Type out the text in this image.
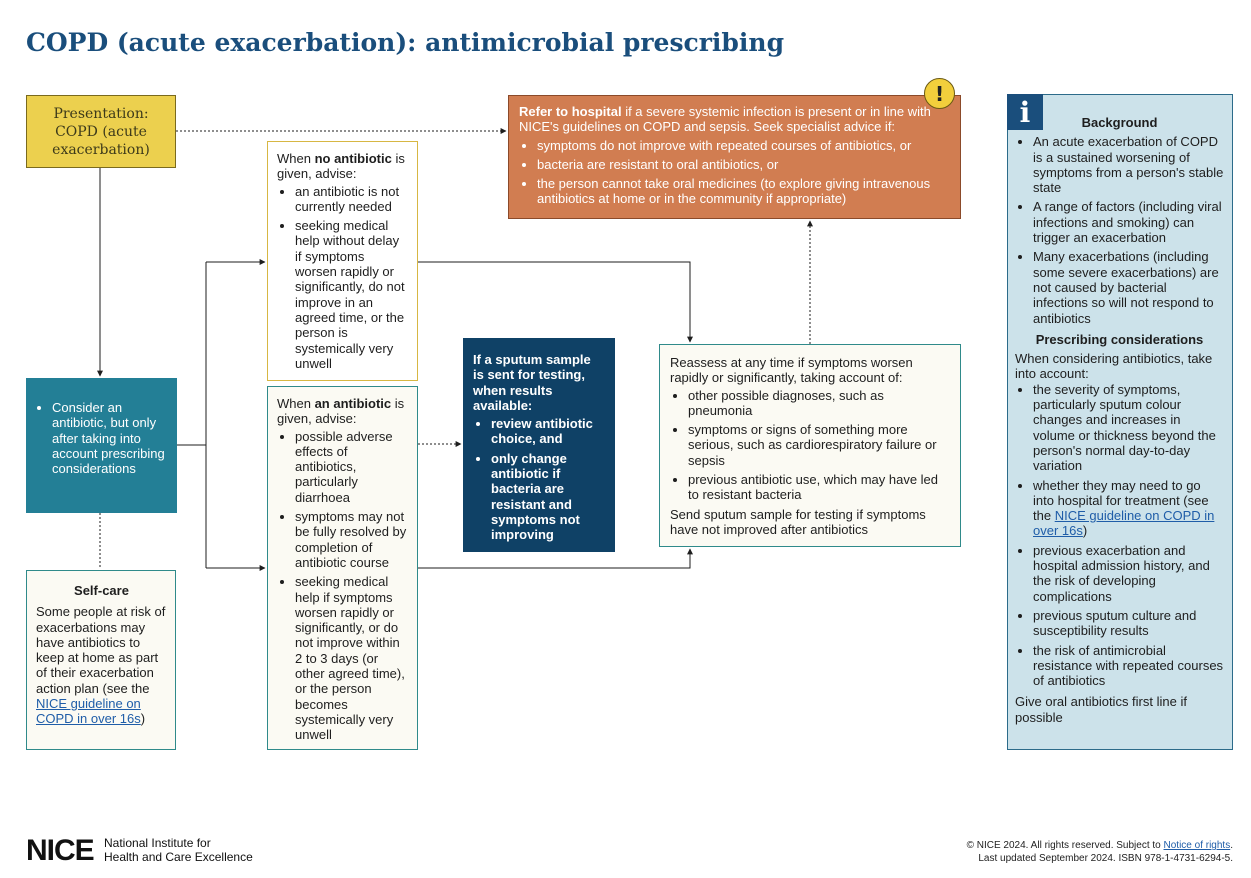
COPD (acute exacerbation): antimicrobial prescribing
Presentation: COPD (acute exacerbation)
• Consider an antibiotic, but only after taking into account prescribing considerations
Self-care
Some people at risk of exacerbations may have antibiotics to keep at home as part of their exacerbation action plan (see the NICE guideline on COPD in over 16s)
When no antibiotic is given, advise:
• an antibiotic is not currently needed
• seeking medical help without delay if symptoms worsen rapidly or significantly, do not improve in an agreed time, or the person is systemically very unwell
When an antibiotic is given, advise:
• possible adverse effects of antibiotics, particularly diarrhoea
• symptoms may not be fully resolved by completion of antibiotic course
• seeking medical help if symptoms worsen rapidly or significantly, or do not improve within 2 to 3 days (or other agreed time), or the person becomes systemically very unwell
If a sputum sample is sent for testing, when results available:
• review antibiotic choice, and
• only change antibiotic if bacteria are resistant and symptoms not improving
Reassess at any time if symptoms worsen rapidly or significantly, taking account of:
• other possible diagnoses, such as pneumonia
• symptoms or signs of something more serious, such as cardiorespiratory failure or sepsis
• previous antibiotic use, which may have led to resistant bacteria
Send sputum sample for testing if symptoms have not improved after antibiotics
Refer to hospital if a severe systemic infection is present or in line with NICE's guidelines on COPD and sepsis. Seek specialist advice if:
• symptoms do not improve with repeated courses of antibiotics, or
• bacteria are resistant to oral antibiotics, or
• the person cannot take oral medicines (to explore giving intravenous antibiotics at home or in the community if appropriate)
!
Background
• An acute exacerbation of COPD is a sustained worsening of symptoms from a person's stable state
• A range of factors (including viral infections and smoking) can trigger an exacerbation
• Many exacerbations (including some severe exacerbations) are not caused by bacterial infections so will not respond to antibiotics
Prescribing considerations
When considering antibiotics, take into account:
• the severity of symptoms, particularly sputum colour changes and increases in volume or thickness beyond the person's normal day-to-day variation
• whether they may need to go into hospital for treatment (see the NICE guideline on COPD in over 16s)
• previous exacerbation and hospital admission history, and the risk of developing complications
• previous sputum culture and susceptibility results
• the risk of antimicrobial resistance with repeated courses of antibiotics
Give oral antibiotics first line if possible
i
NICE National Institute for
Health and Care Excellence
© NICE 2024. All rights reserved. Subject to Notice of rights.
Last updated September 2024. ISBN 978-1-4731-6294-5.
